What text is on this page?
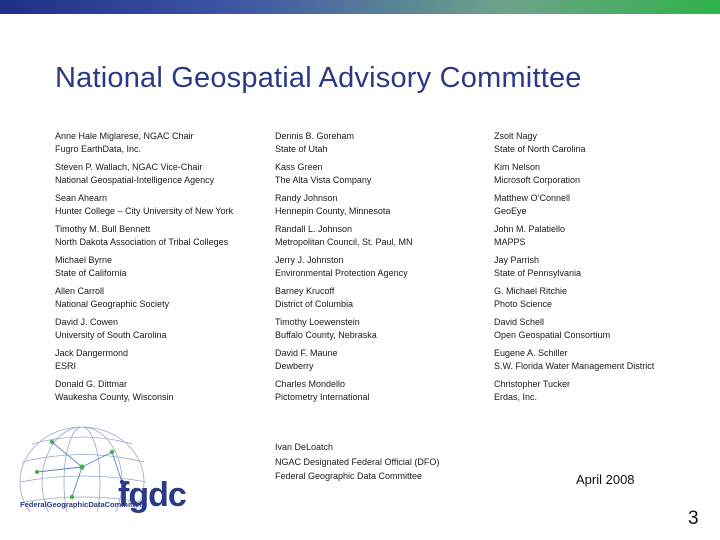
National Geospatial Advisory Committee
Anne Hale Miglarese, NGAC Chair
Fugro EarthData, Inc.
Dennis B. Goreham
State of Utah
Zsolt Nagy
State of North Carolina
Steven P. Wallach, NGAC Vice-Chair
National Geospatial-Intelligence Agency
Kass Green
The Alta Vista Company
Kim Nelson
Microsoft Corporation
Sean Ahearn
Hunter College – City University of New York
Randy Johnson
Hennepin County, Minnesota
Matthew O’Connell
GeoEye
Timothy M. Bull Bennett
North Dakota Association of Tribal Colleges
Randall L. Johnson
Metropolitan Council, St. Paul, MN
John M. Palatiello
MAPPS
Michael Byrne
State of California
Jerry J. Johnston
Environmental Protection Agency
Jay Parrish
State of Pennsylvania
Allen Carroll
National Geographic Society
Barney Krucoff
District of Columbia
G. Michael Ritchie
Photo Science
David J. Cowen
University of South Carolina
Timothy Loewenstein
Buffalo County, Nebraska
David Schell
Open Geospatial Consortium
Jack Dangermond
ESRI
David F. Maune
Dewberry
Eugene A. Schiller
S.W. Florida Water Management District
Donald G. Dittmar
Waukesha County, Wisconsin
Charles Mondello
Pictometry International
Christopher Tucker
Erdas, Inc.
Ivan DeLoatch
NGAC Designated Federal Official (DFO)
Federal Geographic Data Committee
fgdc
FederalGeographicDataCommittee
April 2008
3
